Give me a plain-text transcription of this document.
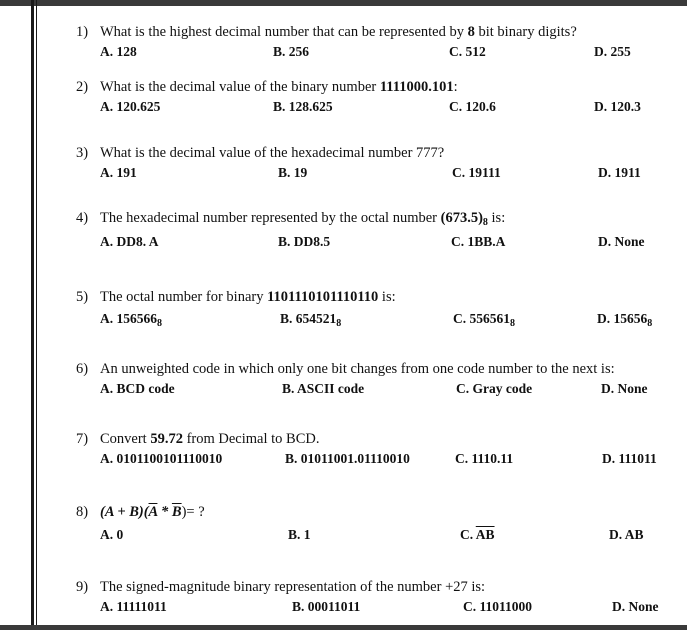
1) What is the highest decimal number that can be represented by 8 bit binary digits?
A. 128	B. 256	C. 512	D. 255
2) What is the decimal value of the binary number 1111000.101:
A. 120.625	B. 128.625	C. 120.6	D. 120.3
3) What is the decimal value of the hexadecimal number 777?
A. 191	B. 19	C. 19111	D. 1911
4) The hexadecimal number represented by the octal number $(673.5)_8$ is:
A. DD8. A	B. DD8.5	C. 1BB.A	D. None
5) The octal number for binary 1101110101110110 is:
A. $156566_8$	B. $654521_8$	C. $556561_8$	D. $15656_8$
6) An unweighted code in which only one bit changes from one code number to the next is:
A. BCD code	B. ASCII code	C. Gray code	D. None
7) Convert 59.72 from Decimal to BCD.
A. 0101100101110010	B. 01011001.01110010	C. 1110.11	D. 111011
8) $(A + B)(\overline{A} * \overline{B})=$ ?
A. 0	B. 1	C. $\overline{AB}$	D. AB
9) The signed-magnitude binary representation of the number +27 is:
A. 11111011	B. 00011011	C. 11011000	D. None
